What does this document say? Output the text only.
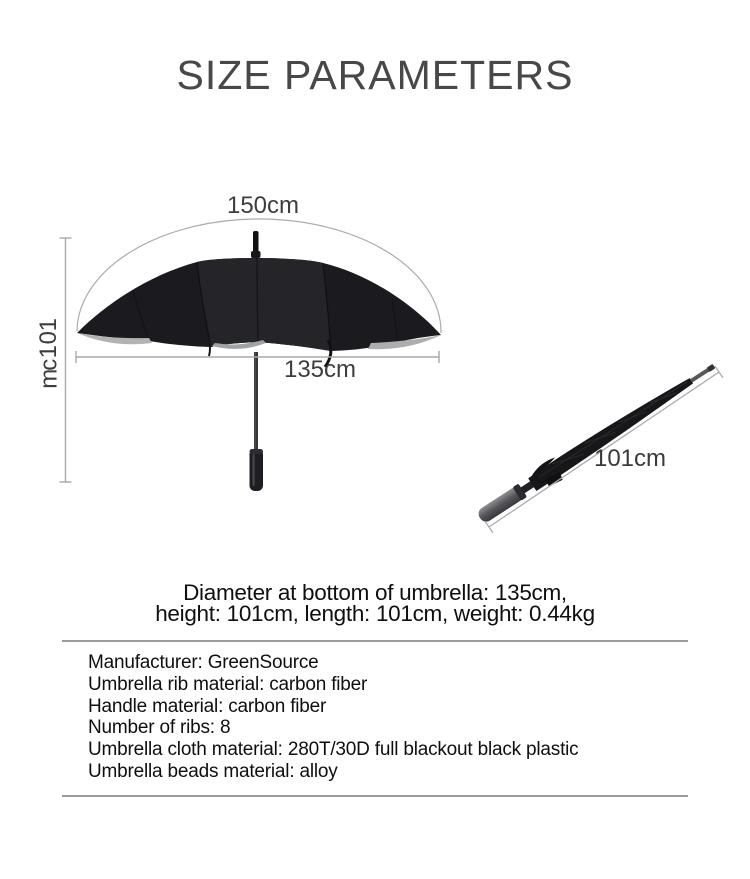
SIZE PARAMETERS
150cm
135cm
101cm
1
0
1
c
m
Diameter at bottom of umbrella: 135cm,
height: 101cm, length: 101cm, weight: 0.44kg
Manufacturer: GreenSource
Umbrella rib material: carbon fiber
Handle material: carbon fiber
Number of ribs: 8
Umbrella cloth material: 280T/30D full blackout black plastic
Umbrella beads material: alloy
